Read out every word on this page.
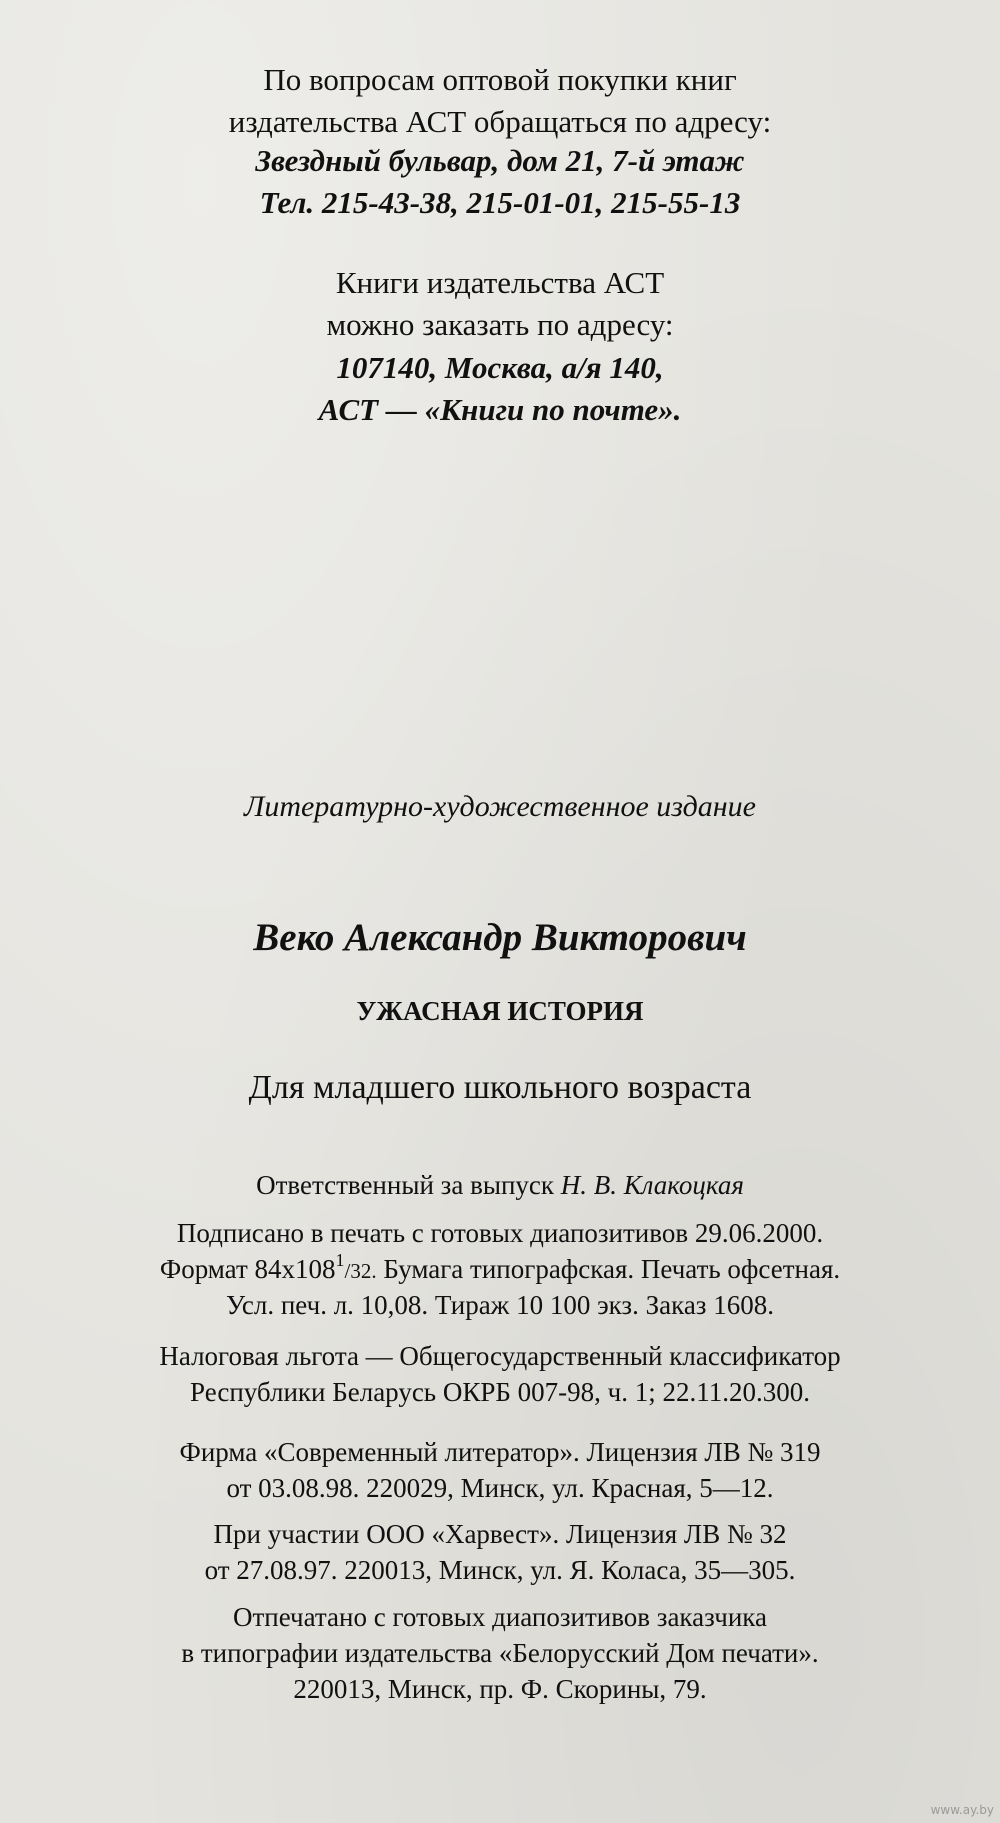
По вопросам оптовой покупки книг
издательства АСТ обращаться по адресу:
Звездный бульвар, дом 21, 7-й этаж
Тел. 215-43-38, 215-01-01, 215-55-13
Книги издательства АСТ
можно заказать по адресу:
107140, Москва, а/я 140,
АСТ — «Книги по почте».
Литературно-художественное издание
Веко Александр Викторович
УЖАСНАЯ ИСТОРИЯ
Для младшего школьного возраста
Ответственный за выпуск Н. В. Клакоцкая
Подписано в печать с готовых диапозитивов 29.06.2000.
Формат $84x108^1/32$. Бумага типографская. Печать офсетная.
Усл. печ. л. 10,08. Тираж 10 100 экз. Заказ 1608.
Налоговая льгота — Общегосударственный классификатор
Республики Беларусь ОКРБ 007-98, ч. 1; 22.11.20.300.
Фирма «Современный литератор». Лицензия ЛВ № 319
от 03.08.98. 220029, Минск, ул. Красная, 5—12.
При участии ООО «Харвест». Лицензия ЛВ № 32
от 27.08.97. 220013, Минск, ул. Я. Коласа, 35—305.
Отпечатано с готовых диапозитивов заказчика
в типографии издательства «Белорусский Дом печати».
220013, Минск, пр. Ф. Скорины, 79.
www.ay.by
